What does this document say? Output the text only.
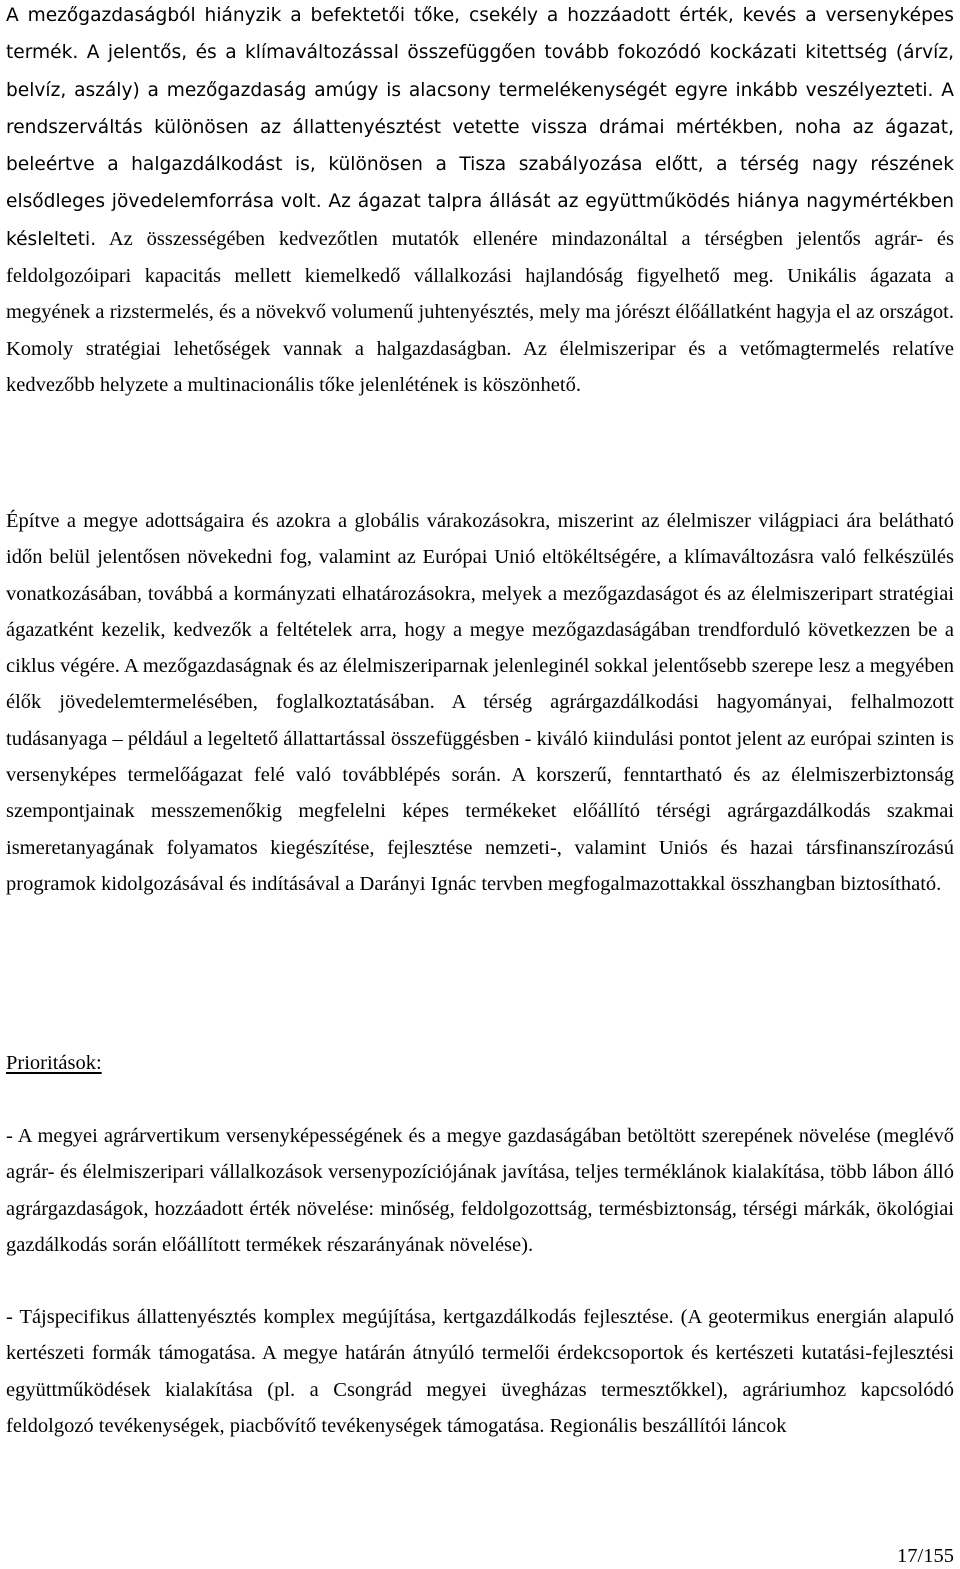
A mezőgazdaságból hiányzik a befektetői tőke, csekély a hozzáadott érték, kevés a versenyképes termék. A jelentős, és a klímaváltozással összefüggően tovább fokozódó kockázati kitettség (árvíz, belvíz, aszály) a mezőgazdaság amúgy is alacsony termelékenységét egyre inkább veszélyezteti. A rendszerváltás különösen az állattenyésztést vetette vissza drámai mértékben, noha az ágazat, beleértve a halgazdálkodást is, különösen a Tisza szabályozása előtt, a térség nagy részének elsődleges jövedelemforrása volt. Az ágazat talpra állását az együttműködés hiánya nagymértékben késlelteti. Az összességében kedvezőtlen mutatók ellenére mindazonáltal a térségben jelentős agrár- és feldolgozóipari kapacitás mellett kiemelkedő vállalkozási hajlandóság figyelhető meg. Unikális ágazata a megyének a rizstermelés, és a növekvő volumenű juhtenyésztés, mely ma jórészt élőállatként hagyja el az országot. Komoly stratégiai lehetőségek vannak a halgazdaságban. Az élelmiszeripar és a vetőmagtermelés relatíve kedvezőbb helyzete a multinacionális tőke jelenlétének is köszönhető.

Építve a megye adottságaira és azokra a globális várakozásokra, miszerint az élelmiszer világpiaci ára belátható időn belül jelentősen növekedni fog, valamint az Európai Unió eltökéltségére, a klímaváltozásra való felkészülés vonatkozásában, továbbá a kormányzati elhatározásokra, melyek a mezőgazdaságot és az élelmiszeripart stratégiai ágazatként kezelik, kedvezők a feltételek arra, hogy a megye mezőgazdaságában trendforduló következzen be a ciklus végére. A mezőgazdaságnak és az élelmiszeriparnak jelenleginél sokkal jelentősebb szerepe lesz a megyében élők jövedelemtermelésében, foglalkoztatásában. A térség agrárgazdálkodási hagyományai, felhalmozott tudásanyaga – például a legeltető állattartással összefüggésben - kiváló kiindulási pontot jelent az európai szinten is versenyképes termelőágazat felé való továbblépés során. A korszerű, fenntartható és az élelmiszerbiztonság szempontjainak messzemenőkig megfelelni képes termékeket előállító térségi agrárgazdálkodás szakmai ismeretanyagának folyamatos kiegészítése, fejlesztése nemzeti-, valamint Uniós és hazai társfinanszírozású programok kidolgozásával és indításával a Darányi Ignác tervben megfogalmazottakkal összhangban biztosítható.

Prioritások:

- A megyei agrárvertikum versenyképességének és a megye gazdaságában betöltött szerepének növelése (meglévő agrár- és élelmiszeripari vállalkozások versenypozíciójának javítása, teljes terméklánok kialakítása, több lábon álló agrárgazdaságok, hozzáadott érték növelése: minőség, feldolgozottság, termésbiztonság, térségi márkák, ökológiai gazdálkodás során előállított termékek részarányának növelése).

- Tájspecifikus állattenyésztés komplex megújítása, kertgazdálkodás fejlesztése. (A geotermikus energián alapuló kertészeti formák támogatása. A megye határán átnyúló termelői érdekcsoportok és kertészeti kutatási-fejlesztési együttműködések kialakítása (pl. a Csongrád megyei üvegházas termesztőkkel), agráriumhoz kapcsolódó feldolgozó tevékenységek, piacbővítő tevékenységek támogatása. Regionális beszállítói láncok

17/155
